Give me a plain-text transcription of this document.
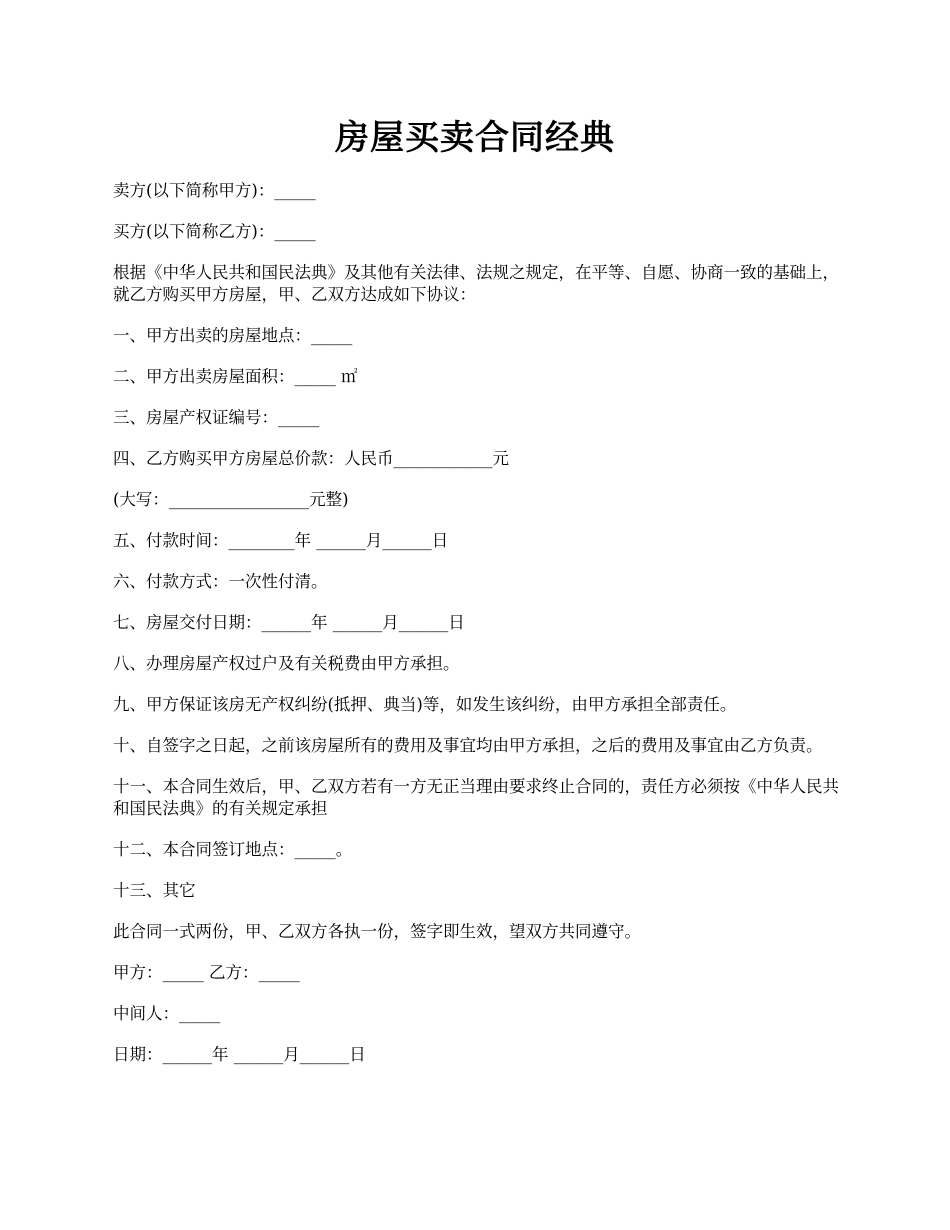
房屋买卖合同经典

卖方(以下简称甲方)：_____

买方(以下简称乙方)：_____

根据《中华人民共和国民法典》及其他有关法律、法规之规定，在平等、自愿、协商一致的基础上，就乙方购买甲方房屋，甲、乙双方达成如下协议：

一、甲方出卖的房屋地点：_____

二、甲方出卖房屋面积：_____ ㎡

三、房屋产权证编号：_____

四、乙方购买甲方房屋总价款：人民币____________元

(大写：_________________元整)

五、付款时间：________年 ______月______日

六、付款方式：一次性付清。

七、房屋交付日期：______年 ______月______日

八、办理房屋产权过户及有关税费由甲方承担。

九、甲方保证该房无产权纠纷(抵押、典当)等，如发生该纠纷，由甲方承担全部责任。

十、自签字之日起，之前该房屋所有的费用及事宜均由甲方承担，之后的费用及事宜由乙方负责。

十一、本合同生效后，甲、乙双方若有一方无正当理由要求终止合同的，责任方必须按《中华人民共和国民法典》的有关规定承担

十二、本合同签订地点：_____。

十三、其它

此合同一式两份，甲、乙双方各执一份，签字即生效，望双方共同遵守。

甲方：_____ 乙方：_____

中间人：_____

日期：______年 ______月______日
